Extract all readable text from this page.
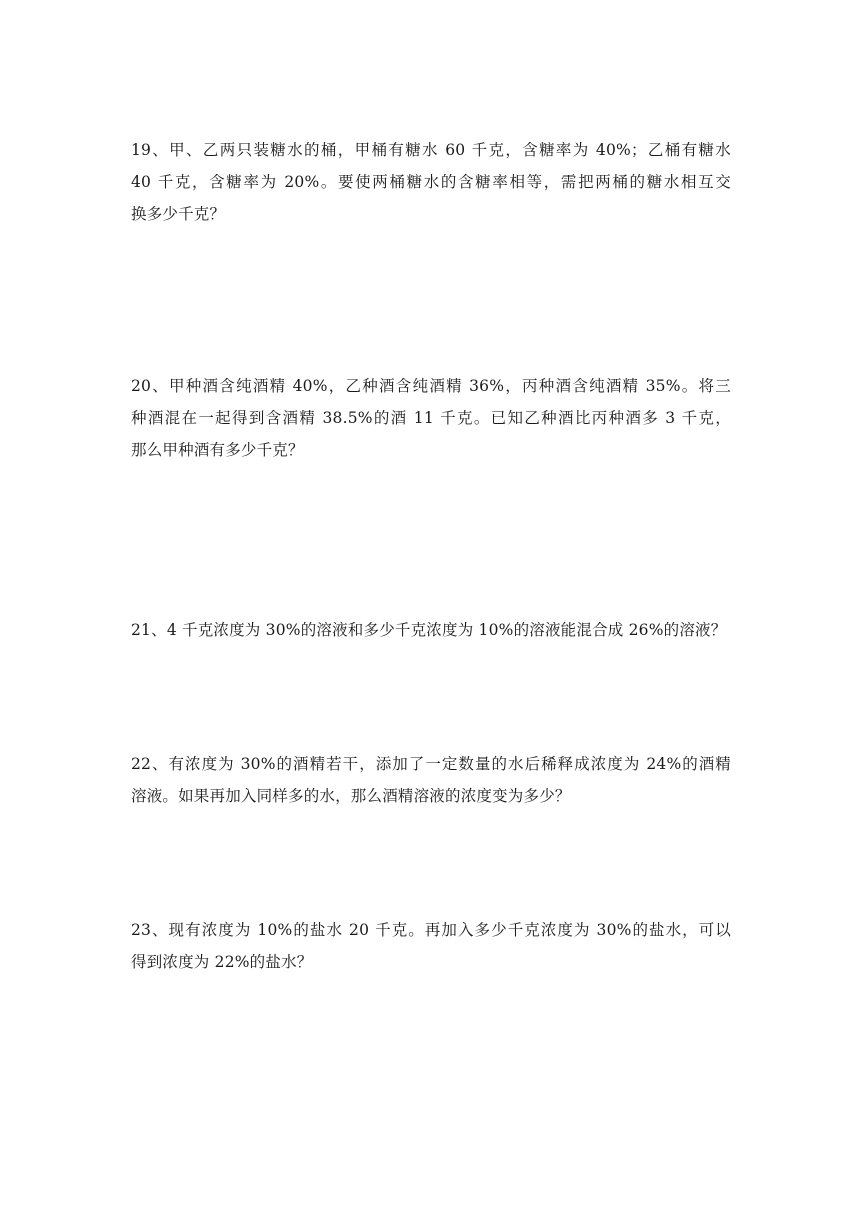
19、甲、乙两只装糖水的桶，甲桶有糖水 60 千克，含糖率为 40%；乙桶有糖水
40 千克，含糖率为 20%。要使两桶糖水的含糖率相等，需把两桶的糖水相互交
换多少千克？
20、甲种酒含纯酒精 40%，乙种酒含纯酒精 36%，丙种酒含纯酒精 35%。将三
种酒混在一起得到含酒精 38.5%的酒 11 千克。已知乙种酒比丙种酒多 3 千克，
那么甲种酒有多少千克？
21、4 千克浓度为 30%的溶液和多少千克浓度为 10%的溶液能混合成 26%的溶液？
22、有浓度为 30%的酒精若干，添加了一定数量的水后稀释成浓度为 24%的酒精
溶液。如果再加入同样多的水，那么酒精溶液的浓度变为多少？
23、现有浓度为 10%的盐水 20 千克。再加入多少千克浓度为 30%的盐水，可以
得到浓度为 22%的盐水？
